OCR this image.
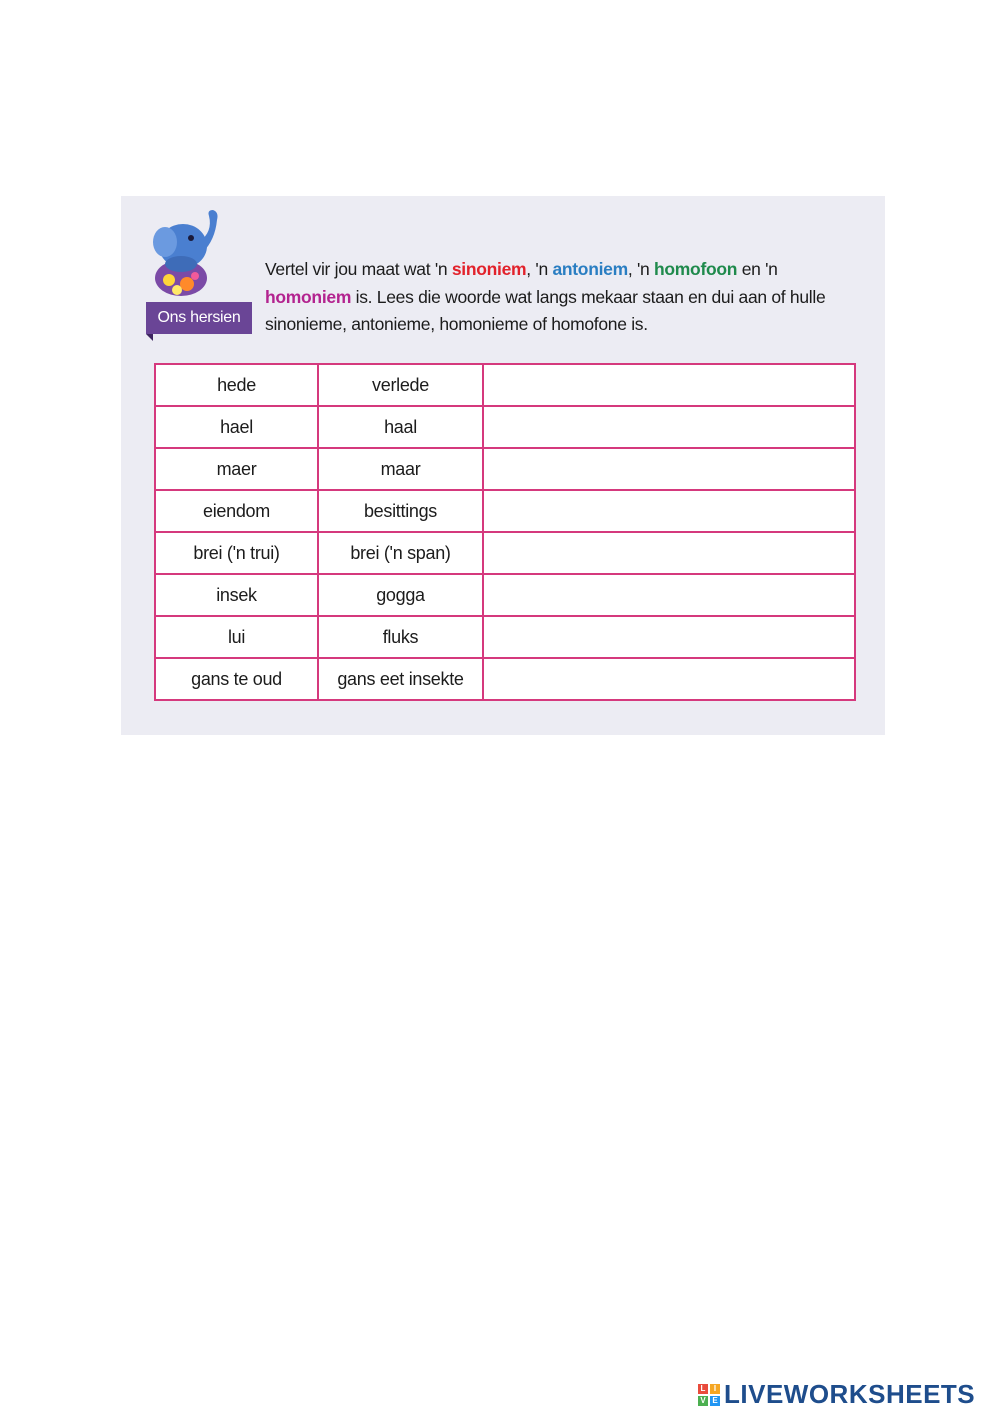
Ons hersien
Vertel vir jou maat wat 'n sinoniem, 'n antoniem, 'n homofoon en 'n homoniem is. Lees die woorde wat langs mekaar staan en dui aan of hulle sinonieme, antonieme, homonieme of homofone is.
hede	verlede	
hael	haal	
maer	maar	
eiendom	besittings	
brei ('n trui)	brei ('n span)	
insek	gogga	
lui	fluks	
gans te oud	gans eet insekte	
L	I
V E LIVEWORKSHEETS
